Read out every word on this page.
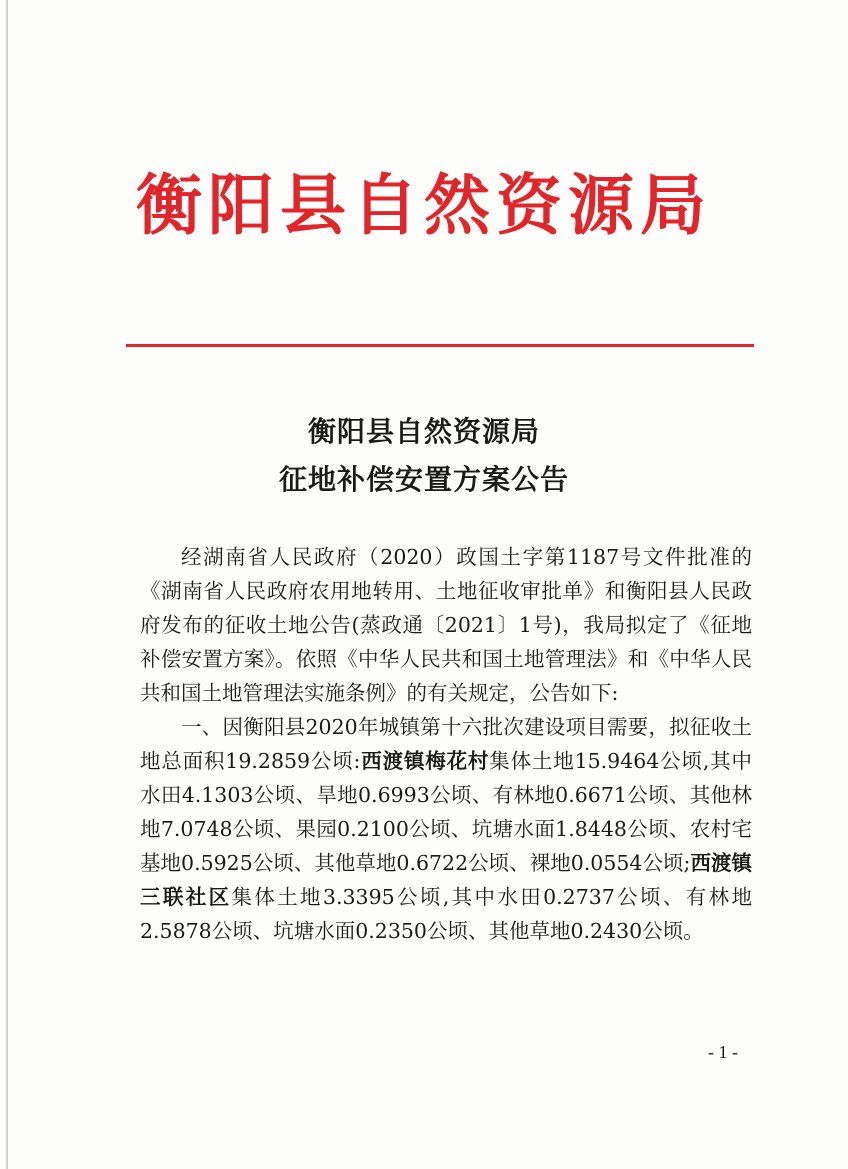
衡阳县自然资源局
衡阳县自然资源局
征地补偿安置方案公告

经湖南省人民政府（2020）政国土字第1187号文件批准的《湖南省人民政府农用地转用、土地征收审批单》和衡阳县人民政府发布的征收土地公告(蒸政通〔2021〕1号)，我局拟定了《征地补偿安置方案》。依照《中华人民共和国土地管理法》和《中华人民共和国土地管理法实施条例》的有关规定，公告如下:

一、因衡阳县2020年城镇第十六批次建设项目需要，拟征收土地总面积19.2859公顷:西渡镇梅花村集体土地15.9464公顷,其中水田4.1303公顷、旱地0.6993公顷、有林地0.6671公顷、其他林地7.0748公顷、果园0.2100公顷、坑塘水面1.8448公顷、农村宅基地0.5925公顷、其他草地0.6722公顷、裸地0.0554公顷;西渡镇三联社区集体土地3.3395公顷,其中水田0.2737公顷、有林地2.5878公顷、坑塘水面0.2350公顷、其他草地0.2430公顷。

- 1 -
